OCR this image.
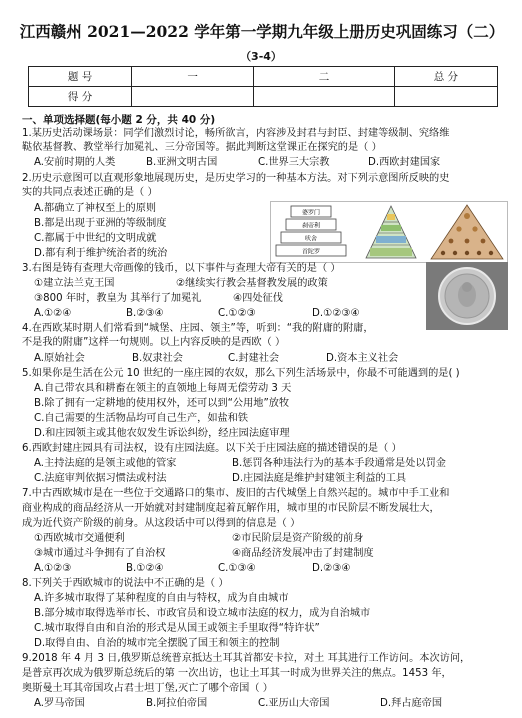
江西赣州 2021—2022 学年第一学期九年级上册历史巩固练习（二）
（3-4）
题 号	一	二	总 分
得 分			
一、单项选择题(每小题 2 分，共 40 分)
1.某历史活动课场景：同学们激烈讨论，畅所欲言，内容涉及封君与封臣、封建等级制、究络维
鞑依基督教、教堂举行加冕礼、三分帝国等。据此判断这堂课正在探究的是（ ）
A.安前时期的人类	B.亚洲文明古国	C.世界三大宗教	D.西欧封建国家
2.历史示意图可以直观形象地展现历史，是历史学习的一种基本方法。对下列示意图所反映的史
实的共同点表述正确的是（ ）
A.都确立了神权至上的原则
B.都是出现于亚洲的等级制度
C.都属于中世纪的文明成就
D.都有利于维护统治者的统治
婆罗门
刹帝利
吠舍
首陀罗
3.右图是铸有查理大帝画像的钱币，以下事件与查理大帝有关的是（ ）
①建立法兰克王国	②继续实行教会基督教发展的政策
③800 年时，教皇为 其举行了加冕礼	④四处征伐
A.①②④	B.②③④	C.①②③	D.①②③④
4.在西欧某时期人们常看到“城堡、庄园、领主”等，听到：“我的附庸的附庸，
不是我的附庸”这样一句规则。以上内容反映的是西欧（ ）
A.原始社会	B.奴隶社会	C.封建社会	D.资本主义社会
5.如果你是生活在公元 10 世纪的一座庄园的农奴，那么下列生活场景中，你最不可能遇到的是( )
A.自己带农具和耕畜在领主的直领地上每周无偿劳动 3 天
B.除了拥有一定耕地的使用权外，还可以到“公用地”放牧
C.自己需要的生活物品均可自己生产，如盐和铁
D.和庄园领主或其他农奴发生诉讼纠纷，经庄园法庭审理
6.西欧封建庄园具有司法权，设有庄园法庭。以下关于庄园法庭的描述错误的是（ ）
A.主持法庭的是领主或他的管家	B.惩罚各种违法行为的基本手段通常是处以罚金
C.法庭审判依据习惯法或村法	D.庄园法庭是维护封建领主利益的工具
7.中古西欧城市是在一些位于交通路口的集市、废旧的古代城堡上自然兴起的。城市中手工业和
商业构成的商品经济从一开始就对封建制度起着瓦解作用，城市里的市民阶层不断发展壮大，
成为近代资产阶级的前身。从这段话中可以得到的信息是（ ）
①西欧城市交通便利	②市民阶层是资产阶级的前身
③城市通过斗争拥有了自治权	④商品经济发展冲击了封建制度
A.①②③	B.①②④	C.①③④	D.②③④
8.下列关于西欧城市的说法中不正确的是（ ）
A.许多城市取得了某种程度的自由与特权，成为自由城市
B.部分城市取得选举市长、市政官员和设立城市法庭的权力，成为自治城市
C.城市取得自由和自治的形式是从国王或领主手里取得“特许状”
D.取得自由、自治的城市完全摆脱了国王和领主的控制
9.2018 年 4 月 3 日,俄罗斯总统普京抵达土耳其首都安卡拉，对土 耳其进行工作访问。本次访问，
是普京再次成为俄罗斯总统后的第 一次出访，也让土耳其一时成为世界关注的焦点。1453 年，
奥斯曼土耳其帝国攻占君士坦丁堡,灭亡了哪个帝国（ ）
A.罗马帝国	B.阿拉伯帝国	C.亚历山大帝国	D.拜占庭帝国
